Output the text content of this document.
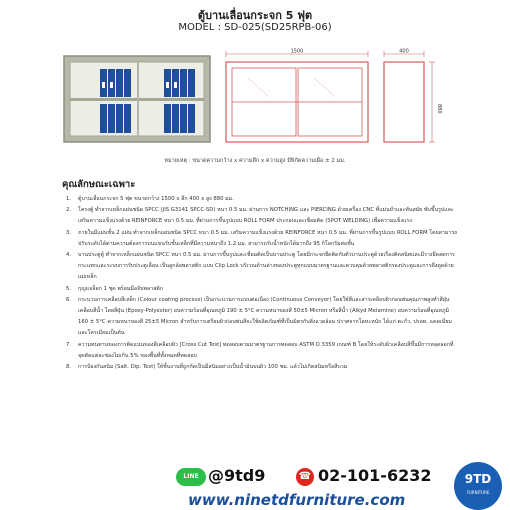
ตู้บานเลื่อนกระจก 5 ฟุต
MODEL : SD-025(SD25RPB-06)
1500	400
880
หมายเหตุ : ขนาดความกว้าง x ความลึก x ความสูง มีพิกัดความเผื่อ ± 2 มม.
คุณลักษณะเฉพาะ
1.	ตู้บานเลื่อนกระจก 5 ฟุต ขนาดกว้าง 1500 x ลึก 400 x สูง 880 มม.
2.	โครงตู้ ทำจากเหล็กแผ่นชนิด SPCC (JIS G3141 SPCC-SD) หนา 0.5 มม. ผ่านการ NOTCHING และ PIERCING ด้วยเครื่อง CNC ที่แม่นยำและทันสมัย พับขึ้นรูปและเสริมความแข็งแรงด้วย REINFORCE หนา 0.5 มม. ที่ผ่านการขึ้นรูปแบบ ROLL FORM ประกอบและเชื่อมติด (SPOT WELDING) เพื่อความแข็งแรง
3.	ภายในมีแผ่นชั้น 2 แผ่น ทำจากเหล็กแผ่นชนิด SPCC หนา 0.5 มม. เสริมความแข็งแรงด้วย REINFORCE หนา 0.5 มม. ที่ผ่านการขึ้นรูปแบบ ROLL FORM โดยสามารถปรับระดับได้ตามความต้องการบนแขนรับชั้นเหล็กที่มีความหนาถึง 1.2 มม. สามารถรับน้ำหนักได้มากถึง 95 กิโลกรัมต่อชั้น
4.	บานประตูตู้ ทำจากเหล็กแผ่นชนิด SPCC หนา 0.5 มม. ผ่านการขึ้นรูปและเชื่อมติดเป็นบานประตู โดยมีกระจกยึดติดกับตัวบานประตูด้วยเรื่องติดสนิทและมีรางยึดลดการกระแทกและระบบการรับประตูเลื่อน เป็นลูกล้อพลาสติก แบบ Clip Lock บริเวณด้านล่างของประตูทุกแบบมาตรฐานและควบคุมด้วยพลาสติกรองประตูและการดึงดูดด้วยแม่เหล็ก
5.	กุญแจล็อก 1 ชุด พร้อมมือจับพลาสติก
6.	กระบวนการเคลือบสีเหล็ก (Colour coating process) เป็นกระบวนการแบบต่อเนื่อง (Continuous Conveyor) โดยใช้สีและสารเคลือบผิวก่อนพ่นคุณภาพสูงทำสีฝุ่นเคลือบสีน้ำ โดยสีฝุ่น (Epoxy-Polyester) อบความร้อนที่อุณหภูมิ 190 ± 5°C ความหนาของสี 50±5 Micron หรือสีน้ำ (Alkyd Melamine) อบความร้อนที่อุณหภูมิ 160 ± 5°C ความหนาของสี 25±5 Micron สำหรับการเตรียมผิวก่อนพ่นสีจะใช้ผลิตภัณฑ์ที่เป็นมิตรกับสิ่งแวดล้อม ปราศจากโลหะหนัก ได้แก่ ตะกั่ว, ปรอท, แคดเมียมและโครเมียมเป็นต้น
7.	ความทนทานของการติดแน่นของสีเคลือบผิว [Cross Cut Test] ทดสอบตามมาตรฐานการทดสอบ ASTM D 3359 เกณฑ์ B โดยให้ระดับผิวเคลือบสีขึ้นมีการหลุดลอกที่จุดตัดแต่ละช่องไม่เกิน 5% ของพื้นที่ทั้งหมดที่ทดสอบ
8.	การป้องกันสนิม (Salt. Dip. Test) ให้ชิ้นงานที่ถูกกัดเป็นมีสนิมอย่างเป็นน้ำมันบนผิว 100 ชม. แล้วไม่เกิดสนิมหรือสีบวม
LINE @9td9	☎ 02-101-6232
www.ninetdfurniture.com
9TD
FURNITURE
